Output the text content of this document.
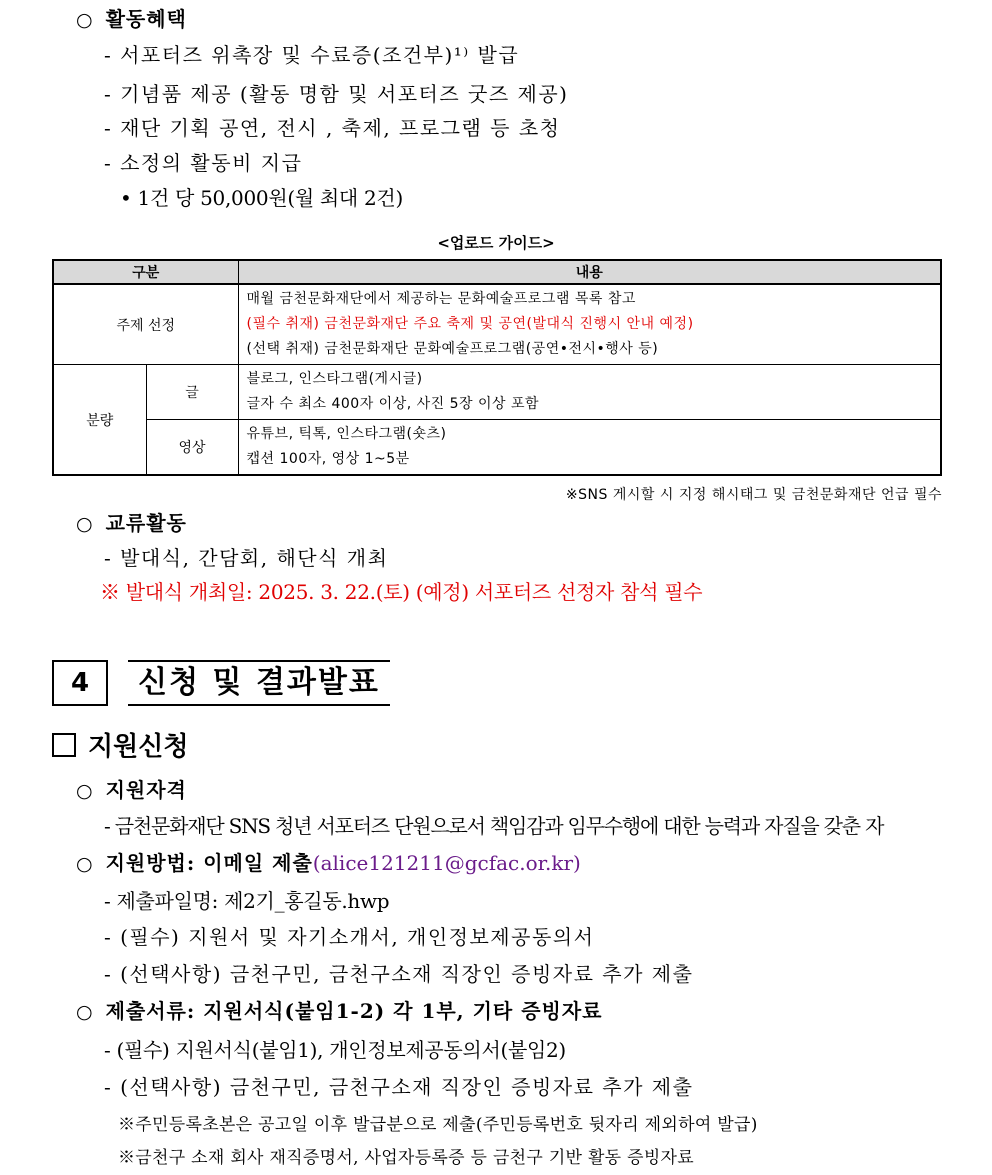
○ 활동혜택
- 서포터즈 위촉장 및 수료증(조건부)¹⁾ 발급
- 기념품 제공 (활동 명함 및 서포터즈 굿즈 제공)
- 재단 기획 공연, 전시 , 축제, 프로그램 등 초청
- 소정의 활동비 지급
• 1건 당 50,000원(월 최대 2건)
<업로드 가이드>
구분		내용
주제 선정		매월 금천문화재단에서 제공하는 문화예술프로그램 목록 참고
(필수 취재) 금천문화재단 주요 축제 및 공연(발대식 진행시 안내 예정)
(선택 취재) 금천문화재단 문화예술프로그램(공연•전시•행사 등)

분량	글	블로그, 인스타그램(게시글)
글자 수 최소 400자 이상, 사진 5장 이상 포함

	영상	유튜브, 틱톡, 인스타그램(숏츠)
캡션 100자, 영상 1~5분
※SNS 게시할 시 지정 해시태그 및 금천문화재단 언급 필수
○ 교류활동
- 발대식, 간담회, 해단식 개최
※ 발대식 개최일: 2025. 3. 22.(토) (예정) 서포터즈 선정자 참석 필수
4	신청 및 결과발표
지원신청
○ 지원자격
- 금천문화재단 SNS 청년 서포터즈 단원으로서 책임감과 임무수행에 대한 능력과 자질을 갖춘 자
○ 지원방법: 이메일 제출(alice121211@gcfac.or.kr)
- 제출파일명: 제2기_홍길동.hwp
- (필수) 지원서 및 자기소개서, 개인정보제공동의서
- (선택사항) 금천구민, 금천구소재 직장인 증빙자료 추가 제출
○ 제출서류: 지원서식(붙임1-2) 각 1부, 기타 증빙자료
- (필수) 지원서식(붙임1), 개인정보제공동의서(붙임2)
- (선택사항) 금천구민, 금천구소재 직장인 증빙자료 추가 제출
※주민등록초본은 공고일 이후 발급분으로 제출(주민등록번호 뒷자리 제외하여 발급)
※금천구 소재 회사 재직증명서, 사업자등록증 등 금천구 기반 활동 증빙자료
